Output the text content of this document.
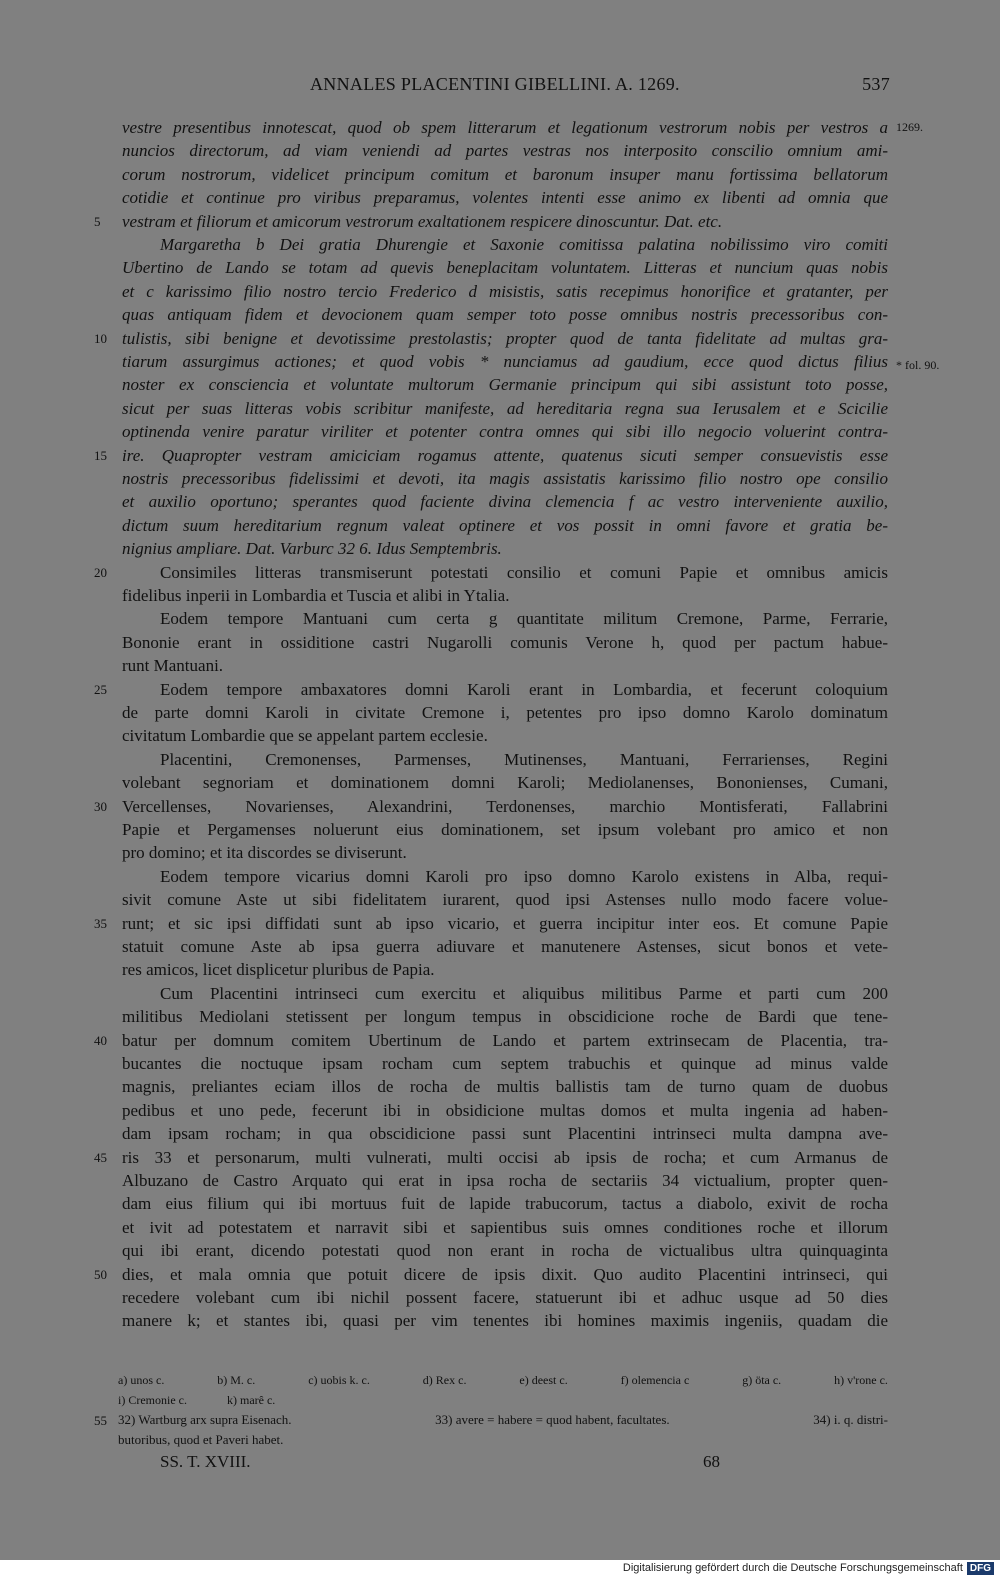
ANNALES PLACENTINI GIBELLINI. A. 1269.	537
vestre presentibus innotescat, quod ob spem litterarum et legationum vestrorum nobis per vestros a
nuncios directorum, ad viam veniendi ad partes vestras nos interposito conscilio omnium ami-
corum nostrorum, videlicet principum comitum et baronum insuper manu fortissima bellatorum
cotidie et continue pro viribus preparamus, volentes intenti esse animo ex libenti ad omnia que
vestram et filiorum et amicorum vestrorum exaltationem respicere dinoscuntur. Dat. etc.
Margaretha b Dei gratia Dhurengie et Saxonie comitissa palatina nobilissimo viro comiti
Ubertino de Lando se totam ad quevis beneplacitam voluntatem. Litteras et nuncium quas nobis
et c karissimo filio nostro tercio Frederico d misistis, satis recepimus honorifice et gratanter, per
quas antiquam fidem et devocionem quam semper toto posse omnibus nostris precessoribus con-
tulistis, sibi benigne et devotissime prestolastis; propter quod de tanta fidelitate ad multas gra-
tiarum assurgimus actiones; et quod vobis * nunciamus ad gaudium, ecce quod dictus filius
noster ex consciencia et voluntate multorum Germanie principum qui sibi assistunt toto posse,
sicut per suas litteras vobis scribitur manifeste, ad hereditaria regna sua Ierusalem et e Scicilie
optinenda venire paratur viriliter et potenter contra omnes qui sibi illo negocio voluerint contra-
ire. Quapropter vestram amiciciam rogamus attente, quatenus sicuti semper consuevistis esse
nostris precessoribus fidelissimi et devoti, ita magis assistatis karissimo filio nostro ope consilio
et auxilio oportuno; sperantes quod faciente divina clemencia f ac vestro interveniente auxilio,
dictum suum hereditarium regnum valeat optinere et vos possit in omni favore et gratia be-
nignius ampliare. Dat. Varburc 32 6. Idus Semptembris.
Consimiles litteras transmiserunt potestati consilio et comuni Papie et omnibus amicis
fidelibus inperii in Lombardia et Tuscia et alibi in Ytalia.
Eodem tempore Mantuani cum certa g quantitate militum Cremone, Parme, Ferrarie,
Bononie erant in ossiditione castri Nugarolli comunis Verone h, quod per pactum habue-
runt Mantuani.
Eodem tempore ambaxatores domni Karoli erant in Lombardia, et fecerunt coloquium
de parte domni Karoli in civitate Cremone i, petentes pro ipso domno Karolo dominatum
civitatum Lombardie que se appelant partem ecclesie.
Placentini, Cremonenses, Parmenses, Mutinenses, Mantuani, Ferrarienses, Regini
volebant segnoriam et dominationem domni Karoli; Mediolanenses, Bononienses, Cumani,
Vercellenses, Novarienses, Alexandrini, Terdonenses, marchio Montisferati, Fallabrini
Papie et Pergamenses noluerunt eius dominationem, set ipsum volebant pro amico et non
pro domino; et ita discordes se diviserunt.
Eodem tempore vicarius domni Karoli pro ipso domno Karolo existens in Alba, requi-
sivit comune Aste ut sibi fidelitatem iurarent, quod ipsi Astenses nullo modo facere volue-
runt; et sic ipsi diffidati sunt ab ipso vicario, et guerra incipitur inter eos. Et comune Papie
statuit comune Aste ab ipsa guerra adiuvare et manutenere Astenses, sicut bonos et vete-
res amicos, licet displicetur pluribus de Papia.
Cum Placentini intrinseci cum exercitu et aliquibus militibus Parme et parti cum 200
militibus Mediolani stetissent per longum tempus in obscidicione roche de Bardi que tene-
batur per domnum comitem Ubertinum de Lando et partem extrinsecam de Placentia, tra-
bucantes die noctuque ipsam rocham cum septem trabuchis et quinque ad minus valde
magnis, preliantes eciam illos de rocha de multis ballistis tam de turno quam de duobus
pedibus et uno pede, fecerunt ibi in obsidicione multas domos et multa ingenia ad haben-
dam ipsam rocham; in qua obscidicione passi sunt Placentini intrinseci multa dampna ave-
ris 33 et personarum, multi vulnerati, multi occisi ab ipsis de rocha; et cum Armanus de
Albuzano de Castro Arquato qui erat in ipsa rocha de sectariis 34 victualium, propter quen-
dam eius filium qui ibi mortuus fuit de lapide trabucorum, tactus a diabolo, exivit de rocha
et ivit ad potestatem et narravit sibi et sapientibus suis omnes conditiones roche et illorum
qui ibi erant, dicendo potestati quod non erant in rocha de victualibus ultra quinquaginta
dies, et mala omnia que potuit dicere de ipsis dixit. Quo audito Placentini intrinseci, qui
recedere volebant cum ibi nichil possent facere, statuerunt ibi et adhuc usque ad 50 dies
manere k; et stantes ibi, quasi per vim tenentes ibi homines maximis ingeniis, quadam die
5
10
15
20
25
30
35
40
45
50
1269.
* fol. 90.
a) unos c.	b) M. c.	c) uobis k. c.	d) Rex c.	e) deest c.	f) olemencia c	g) öta c.	h) v'rone c.
i) Cremonie c.	k) marê c.
55 32) Wartburg arx supra Eisenach.	33) avere = habere = quod habent, facultates.	34) i. q. distri-
butoribus, quod et Paveri habet.
SS. T. XVIII.	68
Digitalisierung gefördert durch die Deutsche Forschungsgemeinschaft DFG
